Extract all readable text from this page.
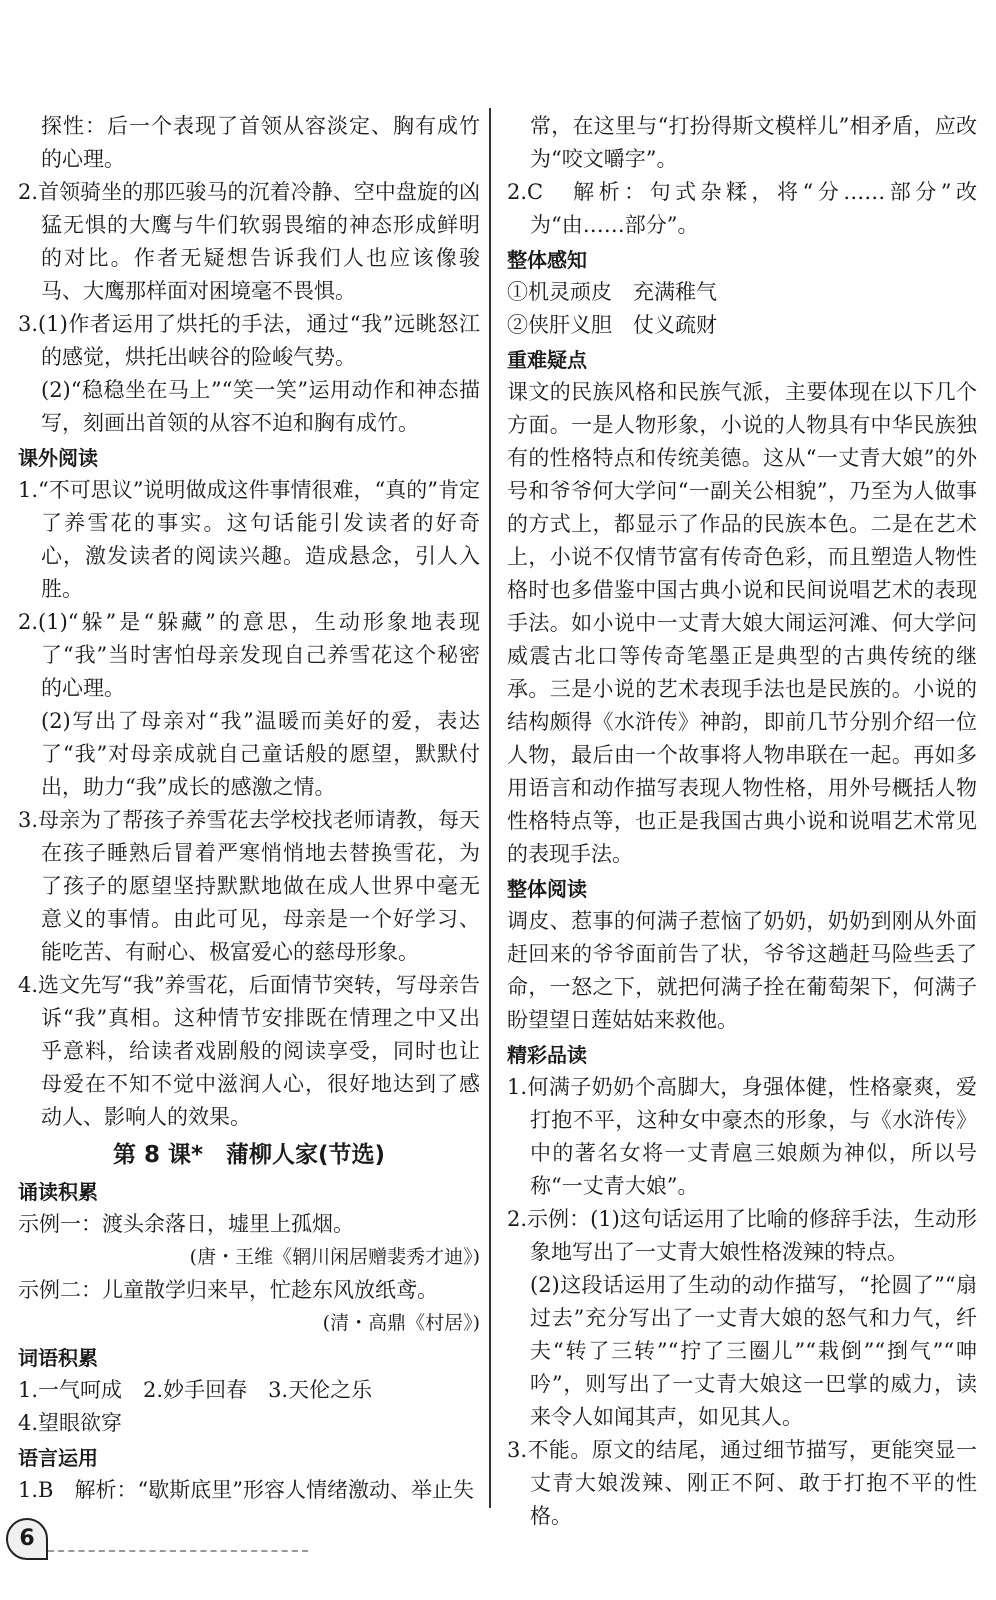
探性：后一个表现了首领从容淡定、胸有成竹的心理。
2.首领骑坐的那匹骏马的沉着冷静、空中盘旋的凶猛无惧的大鹰与牛们软弱畏缩的神态形成鲜明的对比。作者无疑想告诉我们人也应该像骏马、大鹰那样面对困境毫不畏惧。
3.(1)作者运用了烘托的手法，通过“我”远眺怒江的感觉，烘托出峡谷的险峻气势。
(2)“稳稳坐在马上”“笑一笑”运用动作和神态描写，刻画出首领的从容不迫和胸有成竹。
课外阅读
1.“不可思议”说明做成这件事情很难，“真的”肯定了养雪花的事实。这句话能引发读者的好奇心，激发读者的阅读兴趣。造成悬念，引人入胜。
2.(1)“躲”是“躲藏”的意思，生动形象地表现了“我”当时害怕母亲发现自己养雪花这个秘密的心理。
(2)写出了母亲对“我”温暖而美好的爱，表达了“我”对母亲成就自己童话般的愿望，默默付出，助力“我”成长的感激之情。
3.母亲为了帮孩子养雪花去学校找老师请教，每天在孩子睡熟后冒着严寒悄悄地去替换雪花，为了孩子的愿望坚持默默地做在成人世界中毫无意义的事情。由此可见，母亲是一个好学习、能吃苦、有耐心、极富爱心的慈母形象。
4.选文先写“我”养雪花，后面情节突转，写母亲告诉“我”真相。这种情节安排既在情理之中又出乎意料，给读者戏剧般的阅读享受，同时也让母爱在不知不觉中滋润人心，很好地达到了感动人、影响人的效果。
第 8 课*　蒲柳人家(节选)
诵读积累
示例一：渡头余落日，墟里上孤烟。
(唐・王维《辋川闲居赠裴秀才迪》)
示例二：儿童散学归来早，忙趁东风放纸鸢。
(清・高鼎《村居》)
词语积累
1.一气呵成　2.妙手回春　3.天伦之乐
4.望眼欲穿
语言运用
1.B　解析：“歇斯底里”形容人情绪激动、举止失
常，在这里与“打扮得斯文模样儿”相矛盾，应改为“咬文嚼字”。
2.C　解析：句式杂糅，将“分……部分”改为“由……部分”。
整体感知
①机灵顽皮　充满稚气
②侠肝义胆　仗义疏财
重难疑点
课文的民族风格和民族气派，主要体现在以下几个方面。一是人物形象，小说的人物具有中华民族独有的性格特点和传统美德。这从“一丈青大娘”的外号和爷爷何大学问“一副关公相貌”，乃至为人做事的方式上，都显示了作品的民族本色。二是在艺术上，小说不仅情节富有传奇色彩，而且塑造人物性格时也多借鉴中国古典小说和民间说唱艺术的表现手法。如小说中一丈青大娘大闹运河滩、何大学问威震古北口等传奇笔墨正是典型的古典传统的继承。三是小说的艺术表现手法也是民族的。小说的结构颇得《水浒传》神韵，即前几节分别介绍一位人物，最后由一个故事将人物串联在一起。再如多用语言和动作描写表现人物性格，用外号概括人物性格特点等，也正是我国古典小说和说唱艺术常见的表现手法。
整体阅读
调皮、惹事的何满子惹恼了奶奶，奶奶到刚从外面赶回来的爷爷面前告了状，爷爷这趟赶马险些丢了命，一怒之下，就把何满子拴在葡萄架下，何满子盼望望日莲姑姑来救他。
精彩品读
1.何满子奶奶个高脚大，身强体健，性格豪爽，爱打抱不平，这种女中豪杰的形象，与《水浒传》中的著名女将一丈青扈三娘颇为神似，所以号称“一丈青大娘”。
2.示例：(1)这句话运用了比喻的修辞手法，生动形象地写出了一丈青大娘性格泼辣的特点。
(2)这段话运用了生动的动作描写，“抡圆了”“扇过去”充分写出了一丈青大娘的怒气和力气，纤夫“转了三转”“拧了三圈儿”“栽倒”“捯气”“呻吟”，则写出了一丈青大娘这一巴掌的威力，读来令人如闻其声，如见其人。
3.不能。原文的结尾，通过细节描写，更能突显一丈青大娘泼辣、刚正不阿、敢于打抱不平的性格。
6
